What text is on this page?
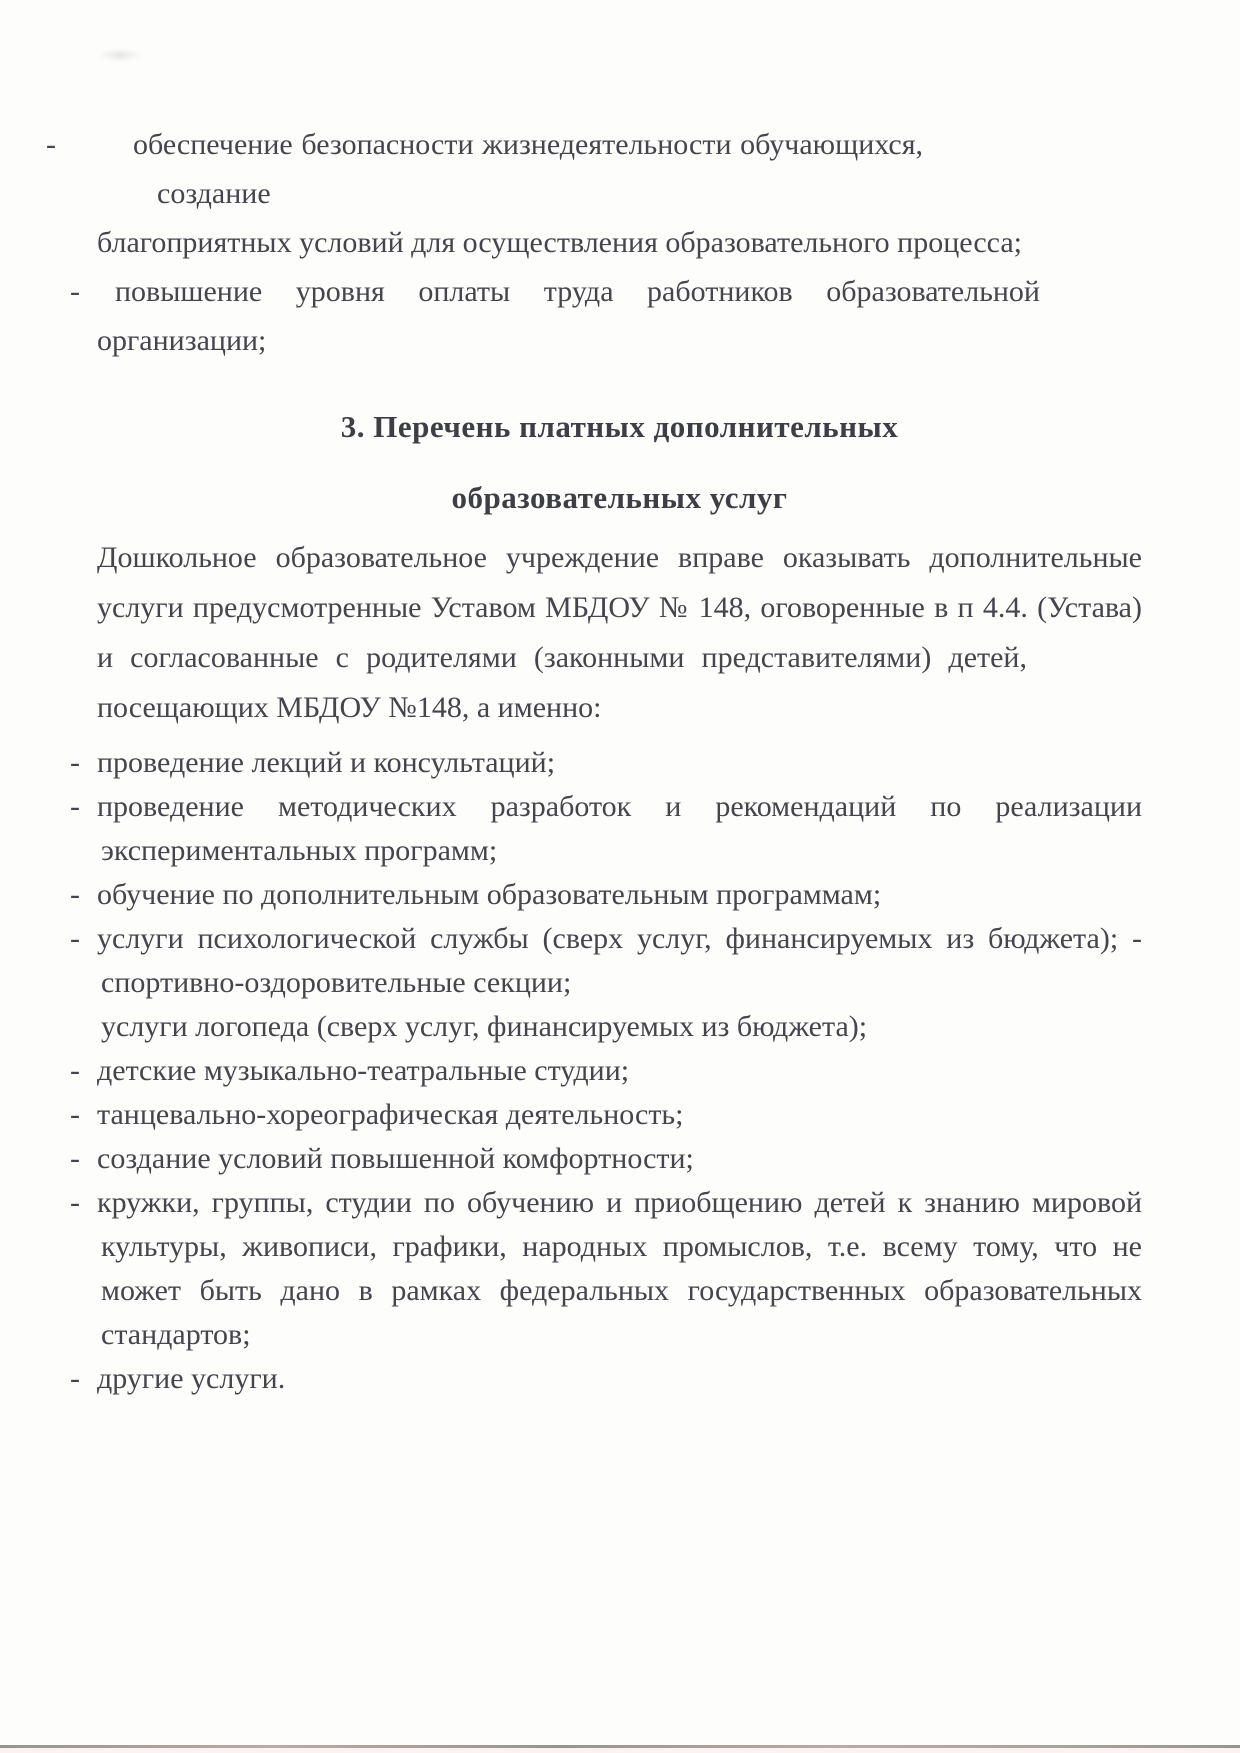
-	обеспечение безопасности жизнедеятельности обучающихся,
создание
благоприятных условий для осуществления образовательного процесса;
- повышение уровня оплаты труда работников образовательной
организации;
3. Перечень платных дополнительных
образовательных услуг
Дошкольное образовательное учреждение вправе оказывать дополнительные
услуги предусмотренные Уставом МБДОУ № 148, оговоренные в п 4.4. (Устава)
и согласованные с родителями (законными представителями) детей,
посещающих МБДОУ №148, а именно:
- проведение лекций и консультаций;
- проведение методических разработок и рекомендаций по реализации
экспериментальных программ;
- обучение по дополнительным образовательным программам;
- услуги психологической службы (сверх услуг, финансируемых из бюджета); -
спортивно-оздоровительные секции;
услуги логопеда (сверх услуг, финансируемых из бюджета);
- детские музыкально-театральные студии;
- танцевально-хореографическая деятельность;
- создание условий повышенной комфортности;
- кружки, группы, студии по обучению и приобщению детей к знанию мировой
культуры, живописи, графики, народных промыслов, т.е. всему тому, что не
может быть дано в рамках федеральных государственных образовательных
стандартов;
- другие услуги.
